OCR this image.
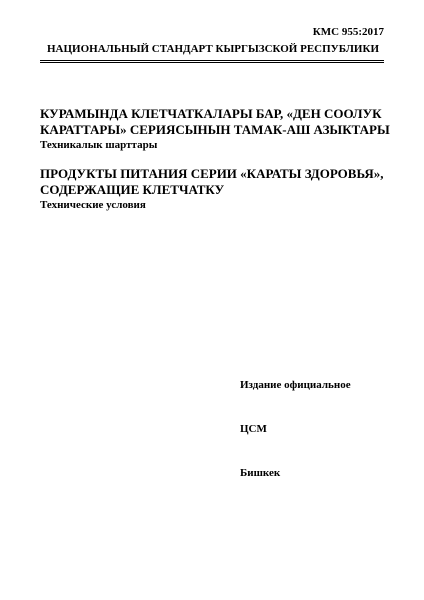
КМС 955:2017
НАЦИОНАЛЬНЫЙ СТАНДАРТ КЫРГЫЗСКОЙ РЕСПУБЛИКИ
КУРАМЫНДА КЛЕТЧАТКАЛАРЫ БАР, «ДЕН СООЛУК
КАРАТТАРЫ» СЕРИЯСЫНЫН ТАМАК-АШ АЗЫКТАРЫ
Техникалык шарттары
ПРОДУКТЫ ПИТАНИЯ СЕРИИ «КАРАТЫ ЗДОРОВЬЯ»,
СОДЕРЖАЩИЕ КЛЕТЧАТКУ
Технические условия
Издание официальное
ЦСМ
Бишкек
